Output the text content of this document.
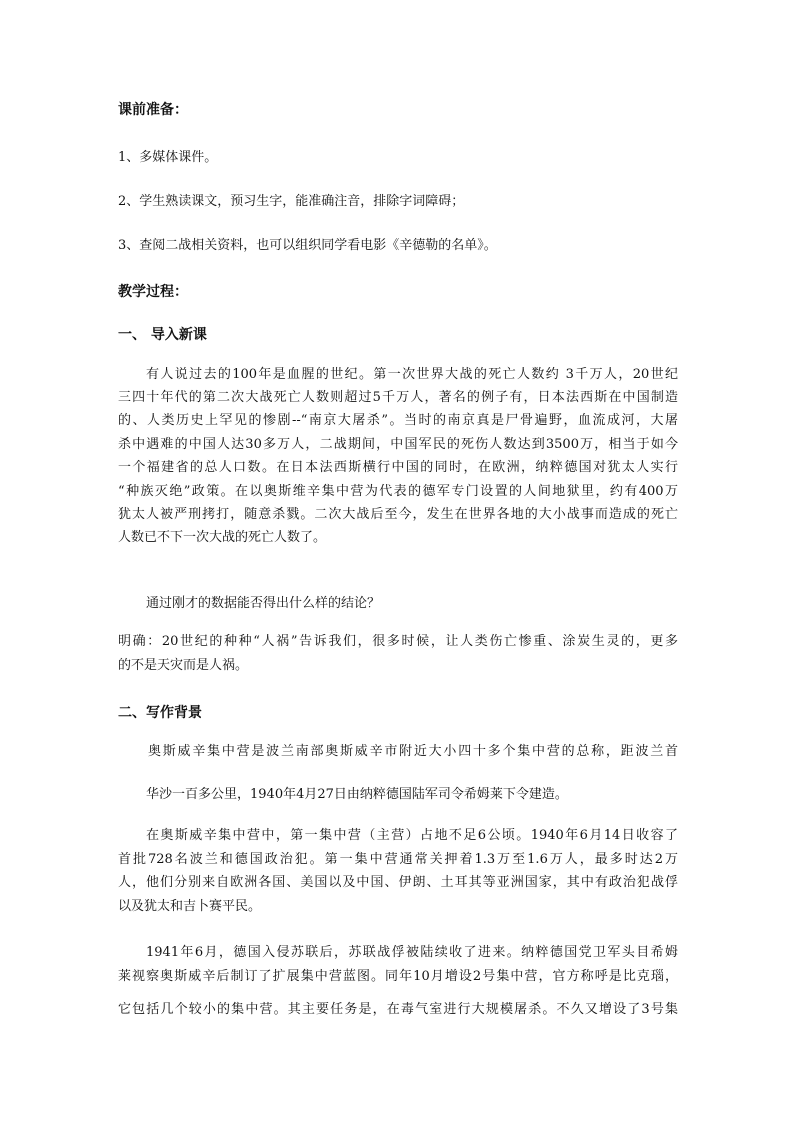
课前准备：
1、多媒体课件。
2、学生熟读课文，预习生字，能准确注音，排除字词障碍；
3、查阅二战相关资料，也可以组织同学看电影《辛德勒的名单》。
教学过程：
一、 导入新课
有人说过去的100年是血腥的世纪。第一次世界大战的死亡人数约 3千万人，20世纪
三四十年代的第二次大战死亡人数则超过5千万人，著名的例子有，日本法西斯在中国制造
的、人类历史上罕见的惨剧--“南京大屠杀”。当时的南京真是尸骨遍野，血流成河，大屠
杀中遇难的中国人达30多万人，二战期间，中国军民的死伤人数达到3500万，相当于如今
一个福建省的总人口数。在日本法西斯横行中国的同时，在欧洲，纳粹德国对犹太人实行
“种族灭绝”政策。在以奥斯维辛集中营为代表的德军专门设置的人间地狱里，约有400万
犹太人被严刑拷打，随意杀戮。二次大战后至今，发生在世界各地的大小战事而造成的死亡
人数已不下一次大战的死亡人数了。
通过刚才的数据能否得出什么样的结论？
明确：20世纪的种种“人祸”告诉我们，很多时候，让人类伤亡惨重、涂炭生灵的，更多
的不是天灾而是人祸。
二、写作背景
奥斯威辛集中营是波兰南部奥斯威辛市附近大小四十多个集中营的总称，距波兰首
华沙一百多公里，1940年4月27日由纳粹德国陆军司令希姆莱下令建造。
在奥斯威辛集中营中，第一集中营（主营）占地不足6公顷。1940年6月14日收容了
首批728名波兰和德国政治犯。第一集中营通常关押着1.3万至1.6万人，最多时达2万
人，他们分别来自欧洲各国、美国以及中国、伊朗、土耳其等亚洲国家，其中有政治犯战俘
以及犹太和吉卜赛平民。
1941年6月，德国入侵苏联后，苏联战俘被陆续收了进来。纳粹德国党卫军头目希姆
莱视察奥斯威辛后制订了扩展集中营蓝图。同年10月增设2号集中营，官方称呼是比克瑙，
它包括几个较小的集中营。其主要任务是，在毒气室进行大规模屠杀。不久又增设了3号集
